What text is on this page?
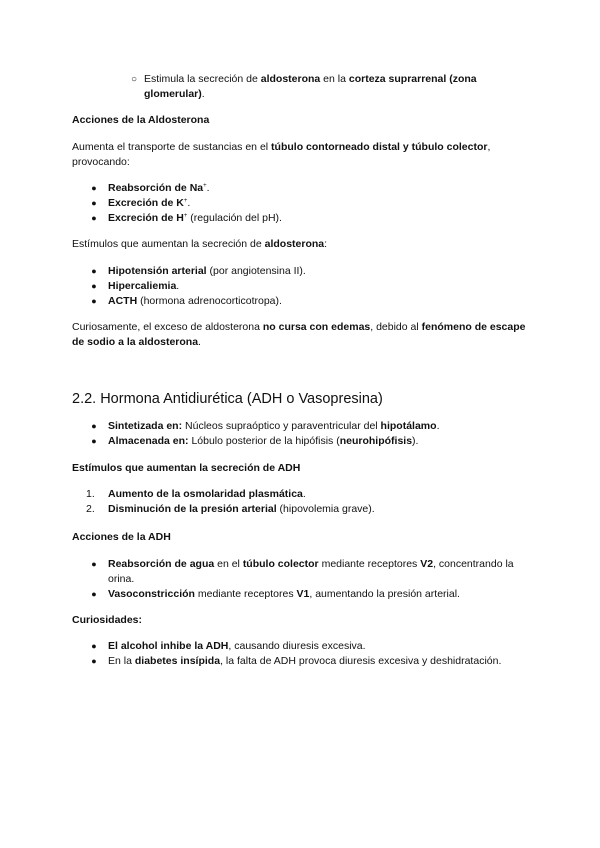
○ Estimula la secreción de aldosterona en la corteza suprarrenal (zona glomerular).

Acciones de la Aldosterona

Aumenta el transporte de sustancias en el túbulo contorneado distal y túbulo colector, provocando:

●	Reabsorción de Na+.
●	Excreción de K+.
●	Excreción de H+ (regulación del pH).

Estímulos que aumentan la secreción de aldosterona:

●	Hipotensión arterial (por angiotensina II).
●	Hipercaliemia.
●	ACTH (hormona adrenocorticotropa).

Curiosamente, el exceso de aldosterona no cursa con edemas, debido al fenómeno de escape de sodio a la aldosterona.

2.2. Hormona Antidiurética (ADH o Vasopresina)

●	Sintetizada en: Núcleos supraóptico y paraventricular del hipotálamo.
●	Almacenada en: Lóbulo posterior de la hipófisis (neurohipófisis).

Estímulos que aumentan la secreción de ADH

1.	Aumento de la osmolaridad plasmática.
2.	Disminución de la presión arterial (hipovolemia grave).

Acciones de la ADH

●	Reabsorción de agua en el túbulo colector mediante receptores V2, concentrando la orina.
●	Vasoconstricción mediante receptores V1, aumentando la presión arterial.

Curiosidades:

●	El alcohol inhibe la ADH, causando diuresis excesiva.
●	En la diabetes insípida, la falta de ADH provoca diuresis excesiva y deshidratación.
